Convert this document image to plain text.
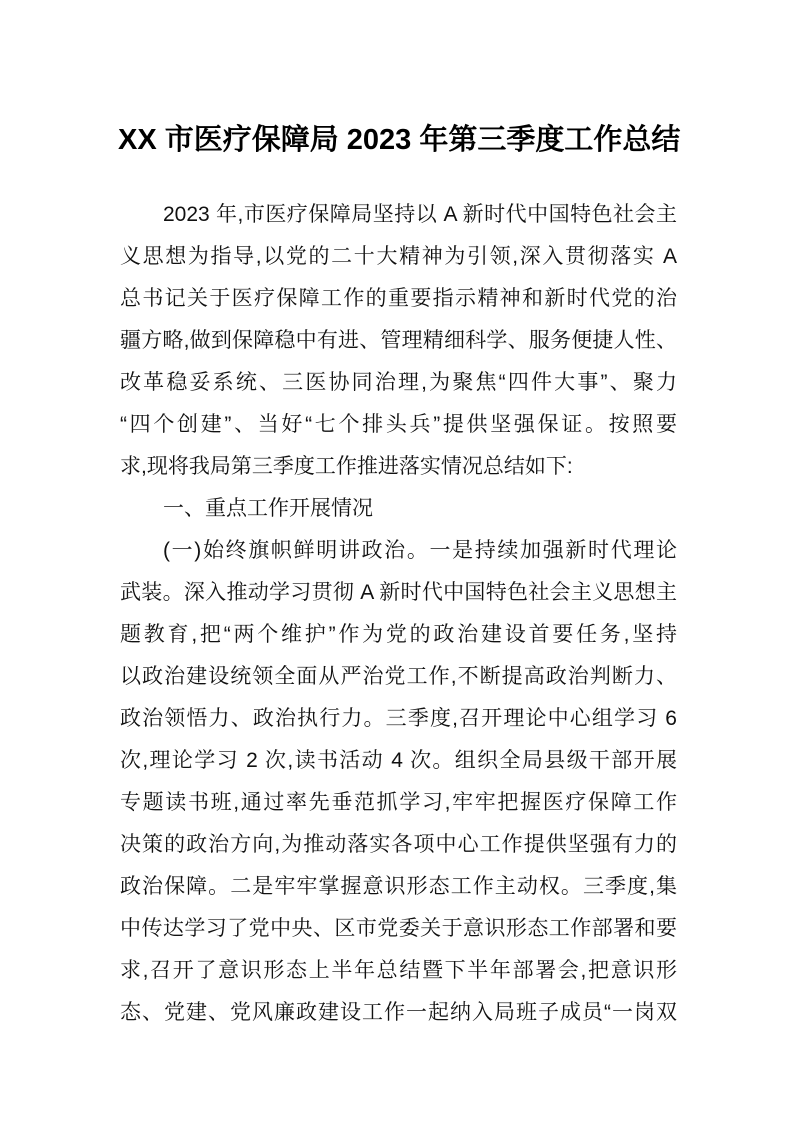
XX 市医疗保障局 2023 年第三季度工作总结
2023 年,市医疗保障局坚持以 A 新时代中国特色社会主
义思想为指导,以党的二十大精神为引领,深入贯彻落实 A
总书记关于医疗保障工作的重要指示精神和新时代党的治
疆方略,做到保障稳中有进、管理精细科学、服务便捷人性、
改革稳妥系统、三医协同治理,为聚焦“四件大事”、聚力
“四个创建”、当好“七个排头兵”提供坚强保证。按照要
求,现将我局第三季度工作推进落实情况总结如下:
一、重点工作开展情况
(一)始终旗帜鲜明讲政治。一是持续加强新时代理论
武装。深入推动学习贯彻 A 新时代中国特色社会主义思想主
题教育,把“两个维护”作为党的政治建设首要任务,坚持
以政治建设统领全面从严治党工作,不断提高政治判断力、
政治领悟力、政治执行力。三季度,召开理论中心组学习 6
次,理论学习 2 次,读书活动 4 次。组织全局县级干部开展
专题读书班,通过率先垂范抓学习,牢牢把握医疗保障工作
决策的政治方向,为推动落实各项中心工作提供坚强有力的
政治保障。二是牢牢掌握意识形态工作主动权。三季度,集
中传达学习了党中央、区市党委关于意识形态工作部署和要
求,召开了意识形态上半年总结暨下半年部署会,把意识形
态、党建、党风廉政建设工作一起纳入局班子成员“一岗双
